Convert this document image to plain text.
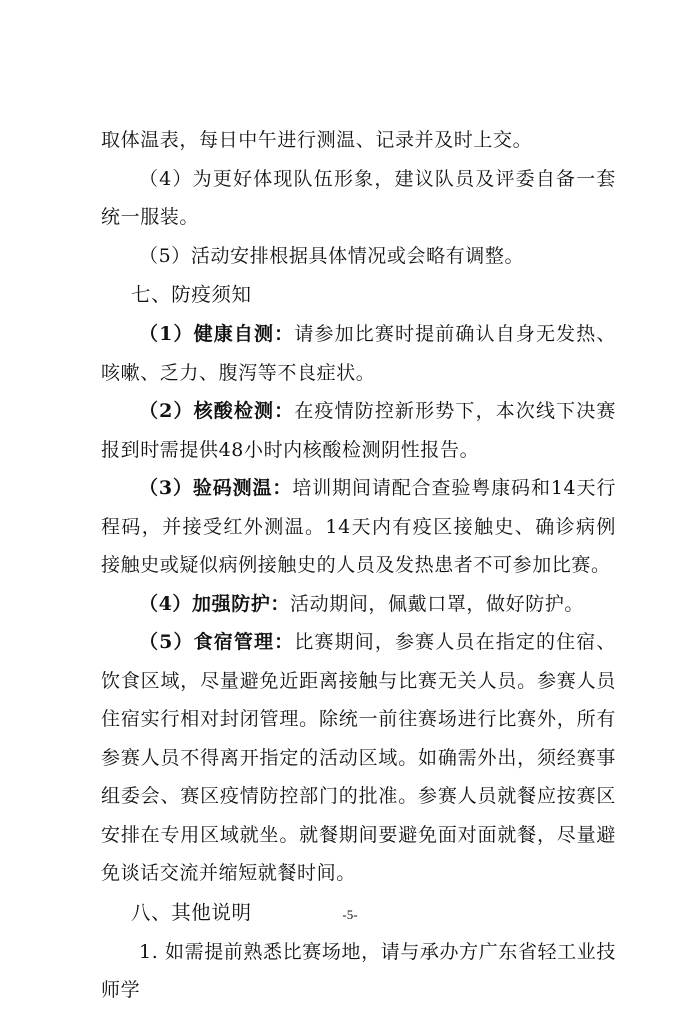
取体温表，每日中午进行测温、记录并及时上交。

（4）为更好体现队伍形象，建议队员及评委自备一套统一服装。

（5）活动安排根据具体情况或会略有调整。

七、防疫须知

（1）健康自测：请参加比赛时提前确认自身无发热、咳嗽、乏力、腹泻等不良症状。

（2）核酸检测：在疫情防控新形势下，本次线下决赛报到时需提供48小时内核酸检测阴性报告。

（3）验码测温：培训期间请配合查验粤康码和14天行程码，并接受红外测温。14天内有疫区接触史、确诊病例接触史或疑似病例接触史的人员及发热患者不可参加比赛。

（4）加强防护：活动期间，佩戴口罩，做好防护。

（5）食宿管理：比赛期间，参赛人员在指定的住宿、饮食区域，尽量避免近距离接触与比赛无关人员。参赛人员住宿实行相对封闭管理。除统一前往赛场进行比赛外，所有参赛人员不得离开指定的活动区域。如确需外出，须经赛事组委会、赛区疫情防控部门的批准。参赛人员就餐应按赛区安排在专用区域就坐。就餐期间要避免面对面就餐，尽量避免谈话交流并缩短就餐时间。

八、其他说明

1. 如需提前熟悉比赛场地，请与承办方广东省轻工业技师学

-5-
